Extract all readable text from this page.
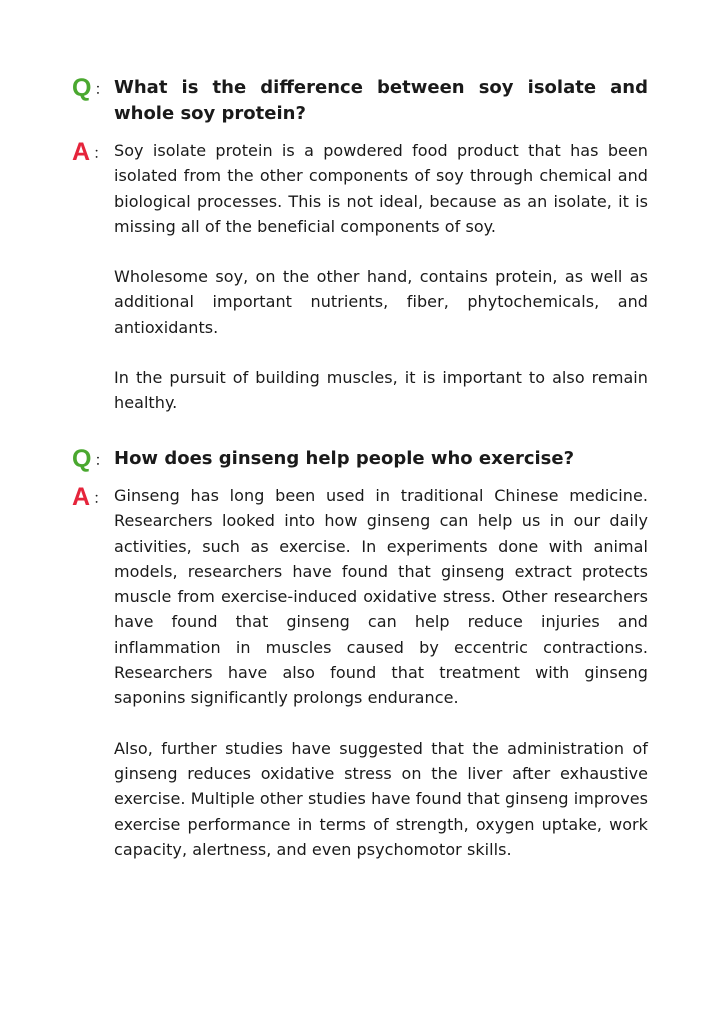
Q ： What is the difference between soy isolate and whole soy protein?

A ： Soy isolate protein is a powdered food product that has been isolated from the other components of soy through chemical and biological processes. This is not ideal, because as an isolate, it is missing all of the beneficial components of soy.

Wholesome soy, on the other hand, contains protein, as well as additional important nutrients, fiber, phytochemicals, and antioxidants.

In the pursuit of building muscles, it is important to also remain healthy.

Q ： How does ginseng help people who exercise?

A ： Ginseng has long been used in traditional Chinese medicine. Researchers looked into how ginseng can help us in our daily activities, such as exercise. In experiments done with animal models, researchers have found that ginseng extract protects muscle from exercise-induced oxidative stress. Other researchers have found that ginseng can help reduce injuries and inflammation in muscles caused by eccentric contractions. Researchers have also found that treatment with ginseng saponins significantly prolongs endurance.

Also, further studies have suggested that the administration of ginseng reduces oxidative stress on the liver after exhaustive exercise. Multiple other studies have found that ginseng improves exercise performance in terms of strength, oxygen uptake, work capacity, alertness, and even psychomotor skills.
